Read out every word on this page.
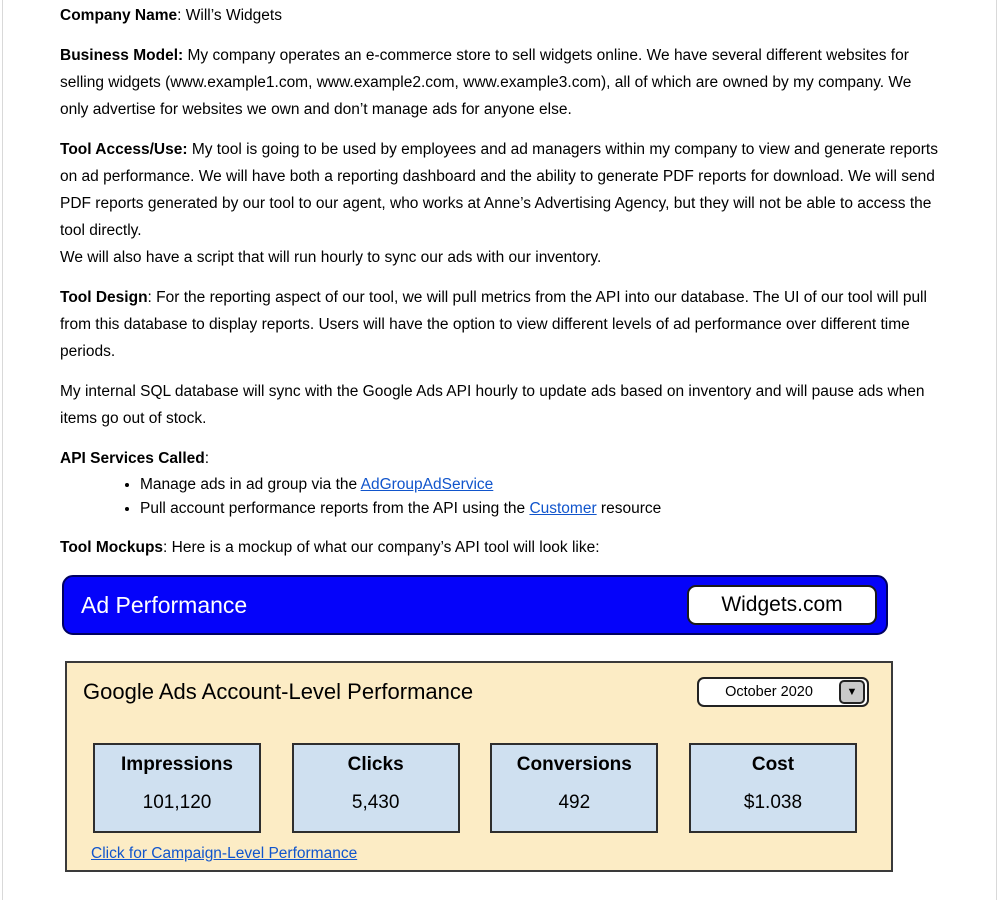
Company Name: Will’s Widgets
Business Model: My company operates an e-commerce store to sell widgets online. We have several different websites for selling widgets (www.example1.com, www.example2.com, www.example3.com), all of which are owned by my company. We only advertise for websites we own and don’t manage ads for anyone else.
Tool Access/Use: My tool is going to be used by employees and ad managers within my company to view and generate reports on ad performance. We will have both a reporting dashboard and the ability to generate PDF reports for download. We will send PDF reports generated by our tool to our agent, who works at Anne’s Advertising Agency, but they will not be able to access the tool directly.
We will also have a script that will run hourly to sync our ads with our inventory.
Tool Design: For the reporting aspect of our tool, we will pull metrics from the API into our database. The UI of our tool will pull from this database to display reports. Users will have the option to view different levels of ad performance over different time periods.
My internal SQL database will sync with the Google Ads API hourly to update ads based on inventory and will pause ads when items go out of stock.
API Services Called:
• Manage ads in ad group via the AdGroupAdService
• Pull account performance reports from the API using the Customer resource
Tool Mockups: Here is a mockup of what our company’s API tool will look like:
Ad Performance	Widgets.com
Google Ads Account-Level Performance	October 2020	▼
Impressions
101,120
Clicks
5,430
Conversions
492
Cost
$1.038
Click for Campaign-Level Performance
